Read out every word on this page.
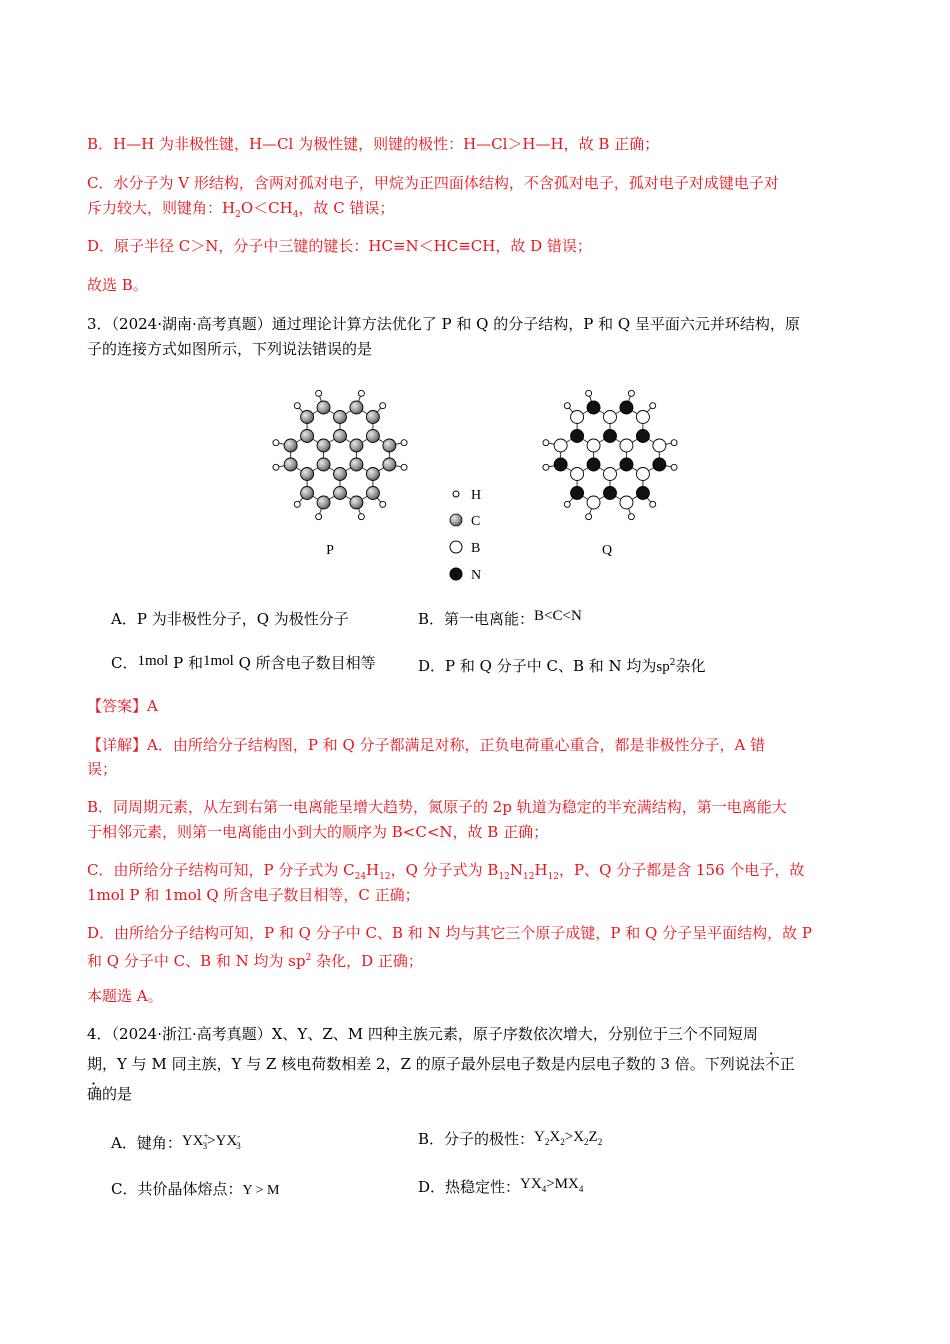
B．H—H 为非极性键，H—Cl 为极性键，则键的极性：H—Cl＞H—H，故 B 正确；
C．水分子为 V 形结构，含两对孤对电子，甲烷为正四面体结构，不含孤对电子，孤对电子对成键电子对
斥力较大，则键角：$H_2O<CH_4$，故 C 错误；
D．原子半径 C＞N，分子中三键的键长：HC≡N＜HC≡CH，故 D 错误；
故选 B。
3．（2024·湖南·高考真题）通过理论计算方法优化了 P 和 Q 的分子结构，P 和 Q 呈平面六元并环结构，原
子的连接方式如图所示，下列说法错误的是
H
C
B
N
P	Q
A．P 为非极性分子，Q 为极性分子	B．第一电离能：B<C<N
C．1mol P 和1mol Q 所含电子数目相等	D．P 和 Q 分子中 C、B 和 N 均为$sp^2$杂化
【答案】A
【详解】A．由所给分子结构图，P 和 Q 分子都满足对称，正负电荷重心重合，都是非极性分子，A 错
误；
B．同周期元素，从左到右第一电离能呈增大趋势，氮原子的 2p 轨道为稳定的半充满结构，第一电离能大
于相邻元素，则第一电离能由小到大的顺序为 B<C<N，故 B 正确；
C．由所给分子结构可知，P 分子式为 $C_{24}H_{12}$，Q 分子式为 $B_{12}N_{12}H_{12}$，P、Q 分子都是含 156 个电子，故
1mol P 和 1mol Q 所含电子数目相等，C 正确；
D．由所给分子结构可知，P 和 Q 分子中 C、B 和 N 均与其它三个原子成键，P 和 Q 分子呈平面结构，故 P
和 Q 分子中 C、B 和 N 均为 $sp^2$ 杂化，D 正确；
本题选 A。
4．（2024·浙江·高考真题）X、Y、Z、M 四种主族元素，原子序数依次增大，分别位于三个不同短周
期，Y 与 M 同主族，Y 与 Z 核电荷数相差 2，Z 的原子最外层电子数是内层电子数的 3 倍。下列说法不正
确的是
A．键角：$YX^+_3>YX^-_3$	B．分子的极性：$Y_2X_2>X_2Z_2$
C．共价晶体熔点：Y > M	D．热稳定性：$YX_4>MX_4$
